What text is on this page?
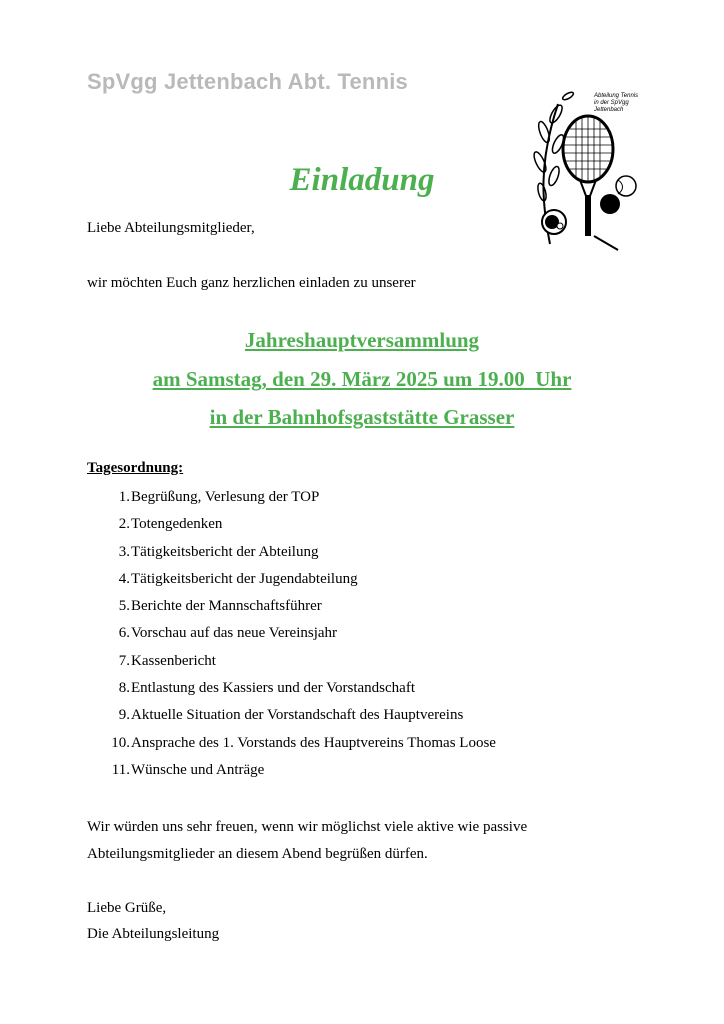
SpVgg Jettenbach Abt. Tennis
Abteilung Tennis
in der SpVgg
Jettenbach
Einladung
Liebe Abteilungsmitglieder,
wir möchten Euch ganz herzlichen einladen zu unserer
Jahreshauptversammlung
am Samstag, den 29. März 2025 um 19.00  Uhr
in der Bahnhofsgaststätte Grasser
Tagesordnung:
1. Begrüßung, Verlesung der TOP
2. Totengedenken
3. Tätigkeitsbericht der Abteilung
4. Tätigkeitsbericht der Jugendabteilung
5. Berichte der Mannschaftsführer
6. Vorschau auf das neue Vereinsjahr
7. Kassenbericht
8. Entlastung des Kassiers und der Vorstandschaft
9. Aktuelle Situation der Vorstandschaft des Hauptvereins
10. Ansprache des 1. Vorstands des Hauptvereins Thomas Loose
11. Wünsche und Anträge
Wir würden uns sehr freuen, wenn wir möglichst viele aktive wie passive
Abteilungsmitglieder an diesem Abend begrüßen dürfen.
Liebe Grüße,
Die Abteilungsleitung
